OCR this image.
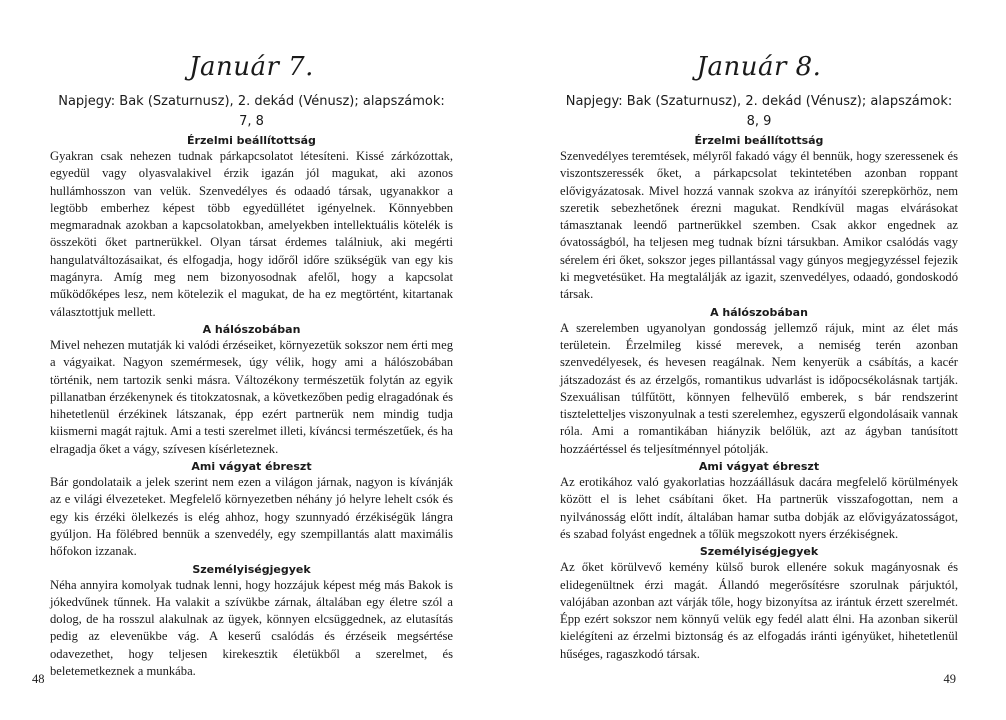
Január 7.
Napjegy: Bak (Szaturnusz), 2. dekád (Vénusz); alapszámok: 7, 8
Érzelmi beállítottság

Gyakran csak nehezen tudnak párkapcsolatot létesíteni. Kissé zárkózottak, egyedül vagy olyasvalakivel érzik igazán jól magukat, aki azonos hullámhosszon van velük. Szenvedélyes és odaadó társak, ugyanakkor a legtöbb emberhez képest több egyedüllétet igényelnek. Könnyebben megmaradnak azokban a kapcsolatokban, amelyekben intellektuális kötelék is összeköti őket partnerükkel. Olyan társat érdemes találniuk, aki megérti hangulatváltozásaikat, és elfogadja, hogy időről időre szükségük van egy kis magányra. Amíg meg nem bizonyosodnak afelől, hogy a kapcsolat működőképes lesz, nem kötelezik el magukat, de ha ez megtörtént, kitartanak választottjuk mellett.

A hálószobában

Mivel nehezen mutatják ki valódi érzéseiket, környezetük sokszor nem érti meg a vágyaikat. Nagyon szemérmesek, úgy vélik, hogy ami a hálószobában történik, nem tartozik senki másra. Változékony természetük folytán az egyik pillanatban érzékenynek és titokzatosnak, a következőben pedig elragadónak és hihetetlenül érzékinek látszanak, épp ezért partnerük nem mindig tudja kiismerni magát rajtuk. Ami a testi szerelmet illeti, kíváncsi természetűek, és ha elragadja őket a vágy, szívesen kísérleteznek.

Ami vágyat ébreszt

Bár gondolataik a jelek szerint nem ezen a világon járnak, nagyon is kívánják az e világi élvezeteket. Megfelelő környezetben néhány jó helyre lehelt csók és egy kis érzéki ölelkezés is elég ahhoz, hogy szunnyadó érzékiségük lángra gyúljon. Ha fölébred bennük a szenvedély, egy szempillantás alatt maximális hőfokon izzanak.

Személyiségjegyek

Néha annyira komolyak tudnak lenni, hogy hozzájuk képest még más Bakok is jókedvűnek tűnnek. Ha valakit a szívükbe zárnak, általában egy életre szól a dolog, de ha rosszul alakulnak az ügyek, könnyen elcsüggednek, az elutasítás pedig az elevenükbe vág. A keserű csalódás és érzéseik megsértése odavezethet, hogy teljesen kirekesztik életükből a szerelmet, és beletemetkeznek a munkába.

48
Január 8.
Napjegy: Bak (Szaturnusz), 2. dekád (Vénusz); alapszámok: 8, 9
Érzelmi beállítottság

Szenvedélyes teremtések, mélyről fakadó vágy él bennük, hogy szeressenek és viszontszeressék őket, a párkapcsolat tekintetében azonban roppant elővigyázatosak. Mivel hozzá vannak szokva az irányítói szerepkörhöz, nem szeretik sebezhetőnek érezni magukat. Rendkívül magas elvárásokat támasztanak leendő partnerükkel szemben. Csak akkor engednek az óvatosságból, ha teljesen meg tudnak bízni társukban. Amikor csalódás vagy sérelem éri őket, sokszor jeges pillantással vagy gúnyos megjegyzéssel fejezik ki megvetésüket. Ha megtalálják az igazit, szenvedélyes, odaadó, gondoskodó társak.

A hálószobában

A szerelemben ugyanolyan gondosság jellemző rájuk, mint az élet más területein. Érzelmileg kissé merevek, a nemiség terén azonban szenvedélyesek, és hevesen reagálnak. Nem kenyerük a csábítás, a kacér játszadozást és az érzelgős, romantikus udvarlást is időpocsékolásnak tartják. Szexuálisan túlfűtött, könnyen felhevülő emberek, s bár rendszerint tiszteletteljes viszonyulnak a testi szerelemhez, egyszerű elgondolásaik vannak róla. Ami a romantikában hiányzik belőlük, azt az ágyban tanúsított hozzáértéssel és teljesítménnyel pótolják.

Ami vágyat ébreszt

Az erotikához való gyakorlatias hozzáállásuk dacára megfelelő körülmények között el is lehet csábítani őket. Ha partnerük visszafogottan, nem a nyilvánosság előtt indít, általában hamar sutba dobják az elővigyázatosságot, és szabad folyást engednek a tőlük megszokott nyers érzékiségnek.

Személyiségjegyek

Az őket körülvevő kemény külső burok ellenére sokuk magányosnak és elidegenültnek érzi magát. Állandó megerősítésre szorulnak párjuktól, valójában azonban azt várják tőle, hogy bizonyítsa az irántuk érzett szerelmét. Épp ezért sokszor nem könnyű velük egy fedél alatt élni. Ha azonban sikerül kielégíteni az érzelmi biztonság és az elfogadás iránti igényüket, hihetetlenül hűséges, ragaszkodó társak.

49
